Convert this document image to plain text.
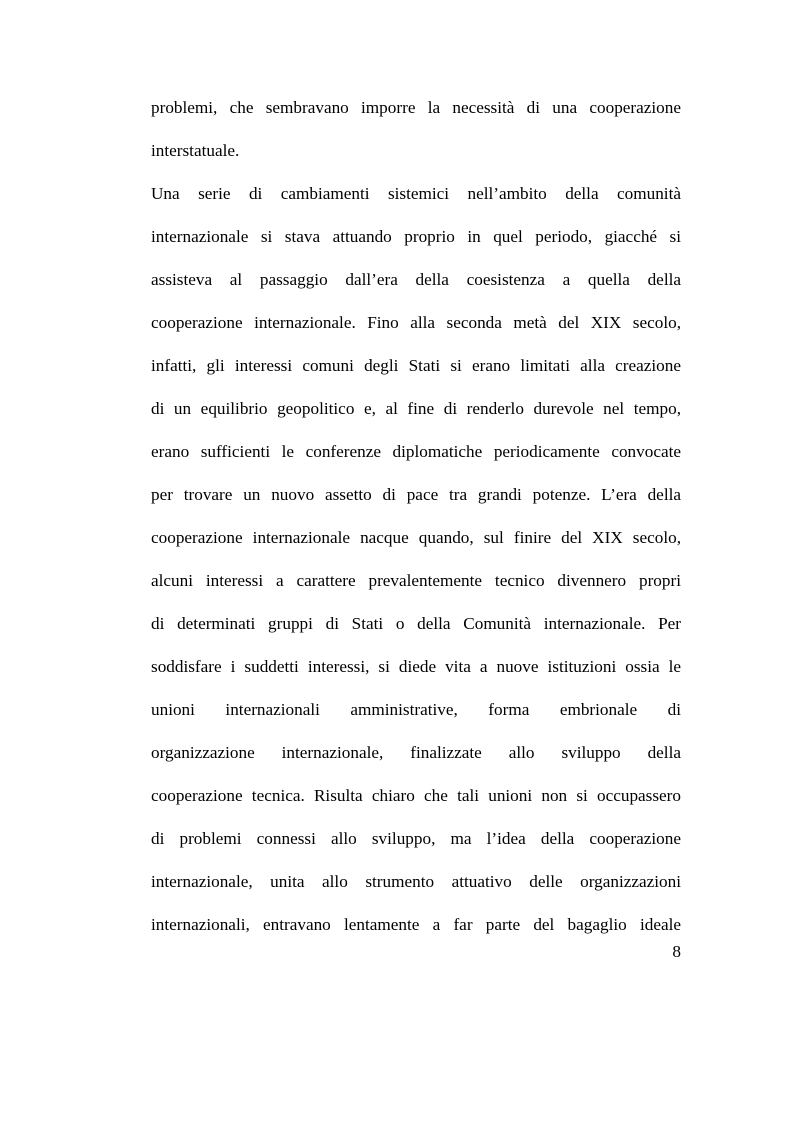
problemi, che sembravano imporre la necessità di una cooperazione
interstatuale.
Una serie di cambiamenti sistemici nell’ambito della comunità
internazionale si stava attuando proprio in quel periodo, giacché si
assisteva al passaggio dall’era della coesistenza a quella della
cooperazione internazionale. Fino alla seconda metà del XIX secolo,
infatti, gli interessi comuni degli Stati si erano limitati alla creazione
di un equilibrio geopolitico e, al fine di renderlo durevole nel tempo,
erano sufficienti le conferenze diplomatiche periodicamente convocate
per trovare un nuovo assetto di pace tra grandi potenze. L’era della
cooperazione internazionale nacque quando, sul finire del XIX secolo,
alcuni interessi a carattere prevalentemente tecnico divennero propri
di determinati gruppi di Stati o della Comunità internazionale. Per
soddisfare i suddetti interessi, si diede vita a nuove istituzioni ossia le
unioni internazionali amministrative, forma embrionale di
organizzazione internazionale, finalizzate allo sviluppo della
cooperazione tecnica. Risulta chiaro che tali unioni non si occupassero
di problemi connessi allo sviluppo, ma l’idea della cooperazione
internazionale, unita allo strumento attuativo delle organizzazioni
internazionali, entravano lentamente a far parte del bagaglio ideale
8
